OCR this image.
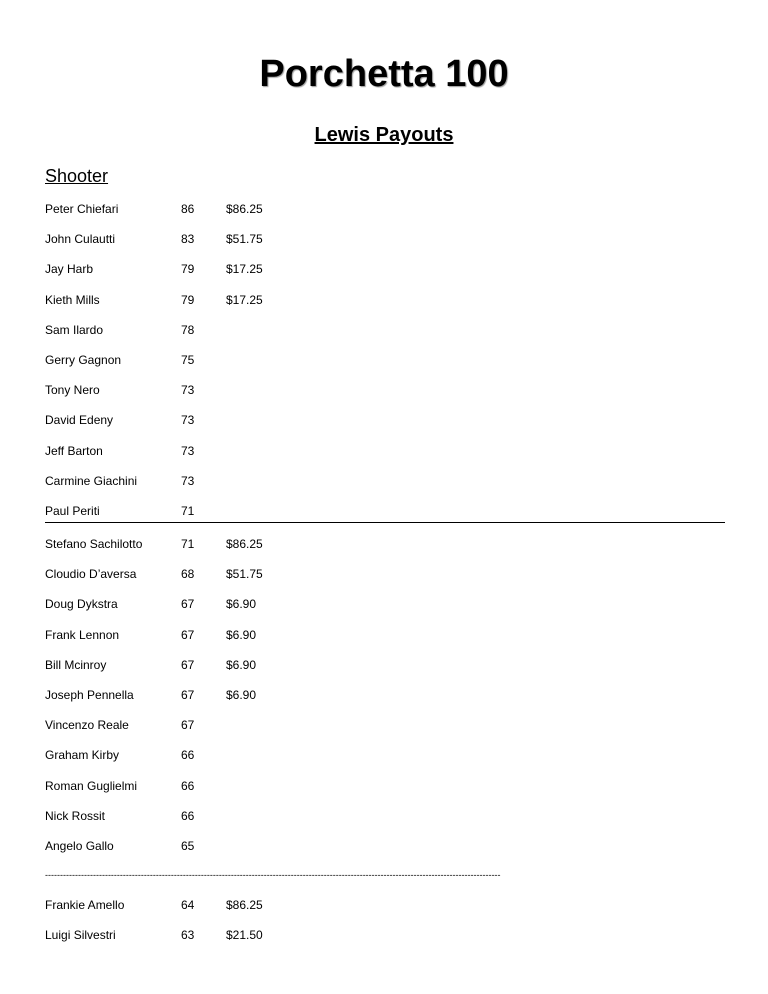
Porchetta 100
Lewis Payouts
Shooter
Peter Chiefari	86	$86.25
John Culautti	83	$51.75
Jay Harb	79	$17.25
Kieth Mills	79	$17.25
Sam Ilardo	78
Gerry Gagnon	75
Tony Nero	73
David Edeny	73
Jeff Barton	73
Carmine Giachini	73
Paul Periti	71
Stefano Sachilotto	71	$86.25
Cloudio D’aversa	68	$51.75
Doug Dykstra	67	$6.90
Frank Lennon	67	$6.90
Bill Mcinroy	67	$6.90
Joseph Pennella	67	$6.90
Vincenzo Reale	67
Graham Kirby	66
Roman Guglielmi	66
Nick Rossit	66
Angelo Gallo	65
Frankie Amello	64	$86.25
Luigi Silvestri	63	$21.50
--------------------------------------------------------------------------------------------------------------------------------------------------------
